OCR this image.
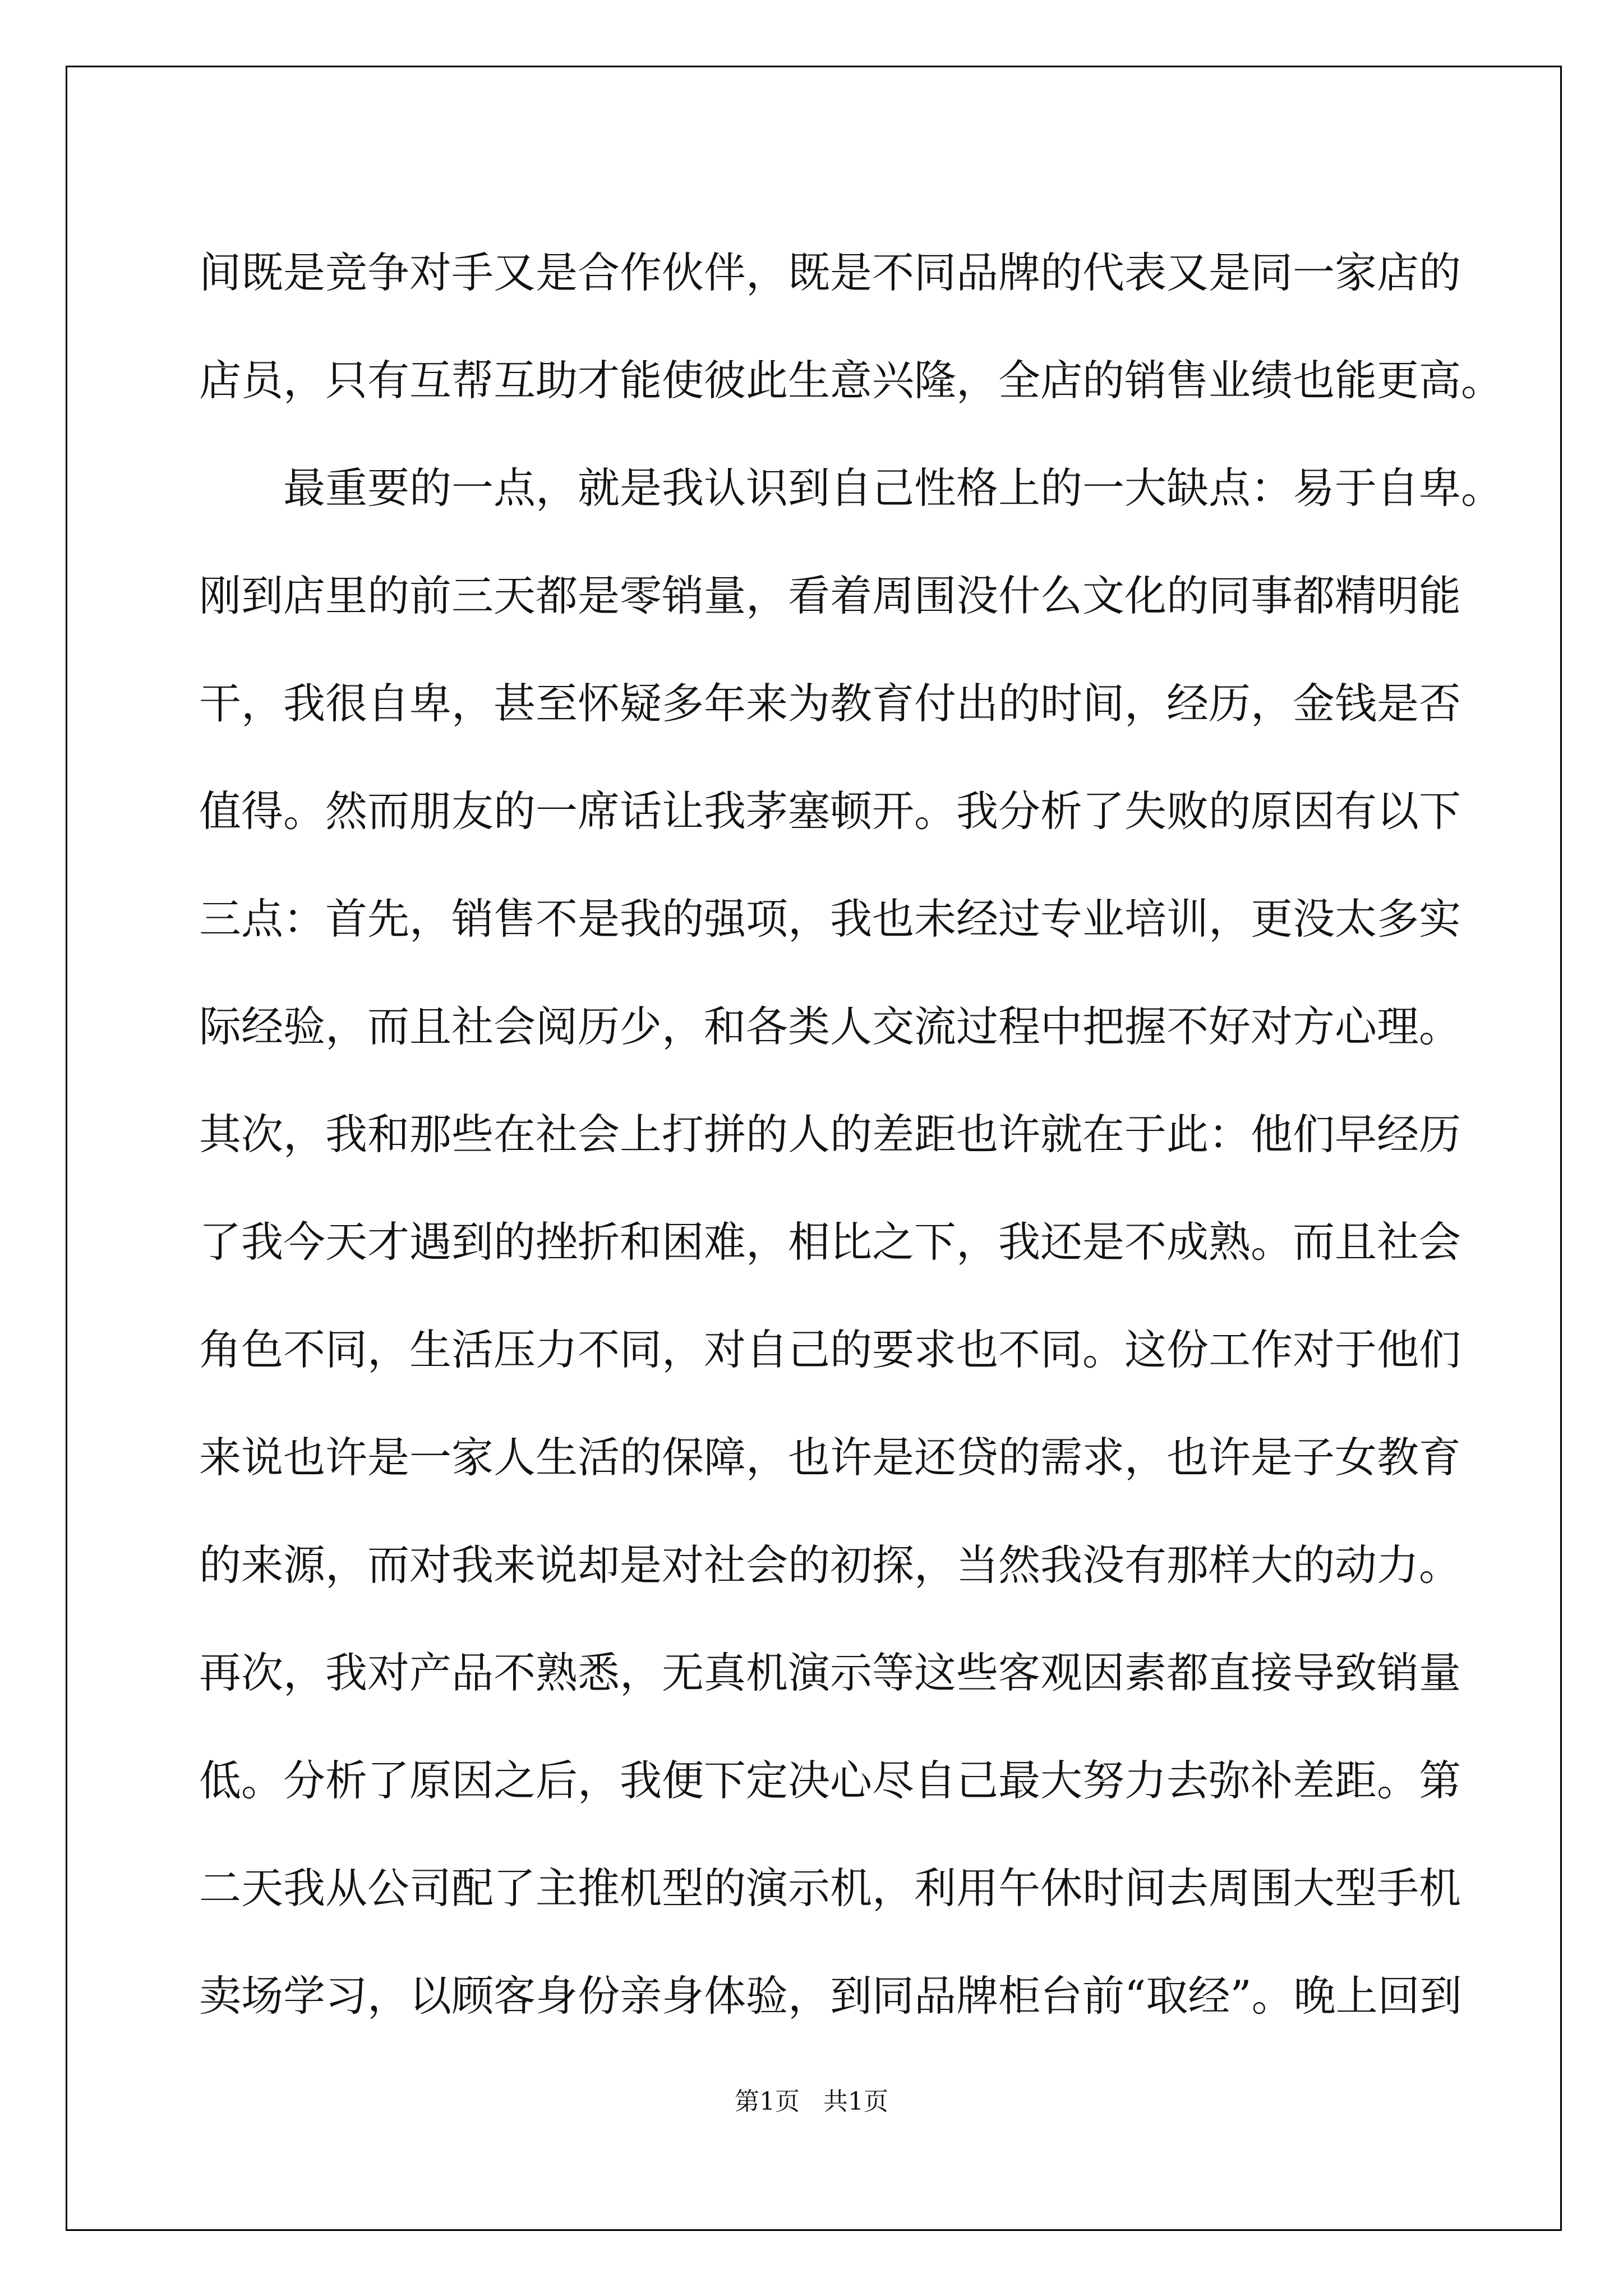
间既是竞争对手又是合作伙伴，既是不同品牌的代表又是同一家店的
店员，只有互帮互助才能使彼此生意兴隆，全店的销售业绩也能更高。
最重要的一点，就是我认识到自己性格上的一大缺点：易于自卑。
刚到店里的前三天都是零销量，看着周围没什么文化的同事都精明能
干，我很自卑，甚至怀疑多年来为教育付出的时间，经历，金钱是否
值得。然而朋友的一席话让我茅塞顿开。我分析了失败的原因有以下
三点：首先，销售不是我的强项，我也未经过专业培训，更没太多实
际经验，而且社会阅历少，和各类人交流过程中把握不好对方心理。
其次，我和那些在社会上打拼的人的差距也许就在于此：他们早经历
了我今天才遇到的挫折和困难，相比之下，我还是不成熟。而且社会
角色不同，生活压力不同，对自己的要求也不同。这份工作对于他们
来说也许是一家人生活的保障，也许是还贷的需求，也许是子女教育
的来源，而对我来说却是对社会的初探，当然我没有那样大的动力。
再次，我对产品不熟悉，无真机演示等这些客观因素都直接导致销量
低。分析了原因之后，我便下定决心尽自己最大努力去弥补差距。第
二天我从公司配了主推机型的演示机，利用午休时间去周围大型手机
卖场学习，以顾客身份亲身体验，到同品牌柜台前“取经”。晚上回到
第1页 共1页
